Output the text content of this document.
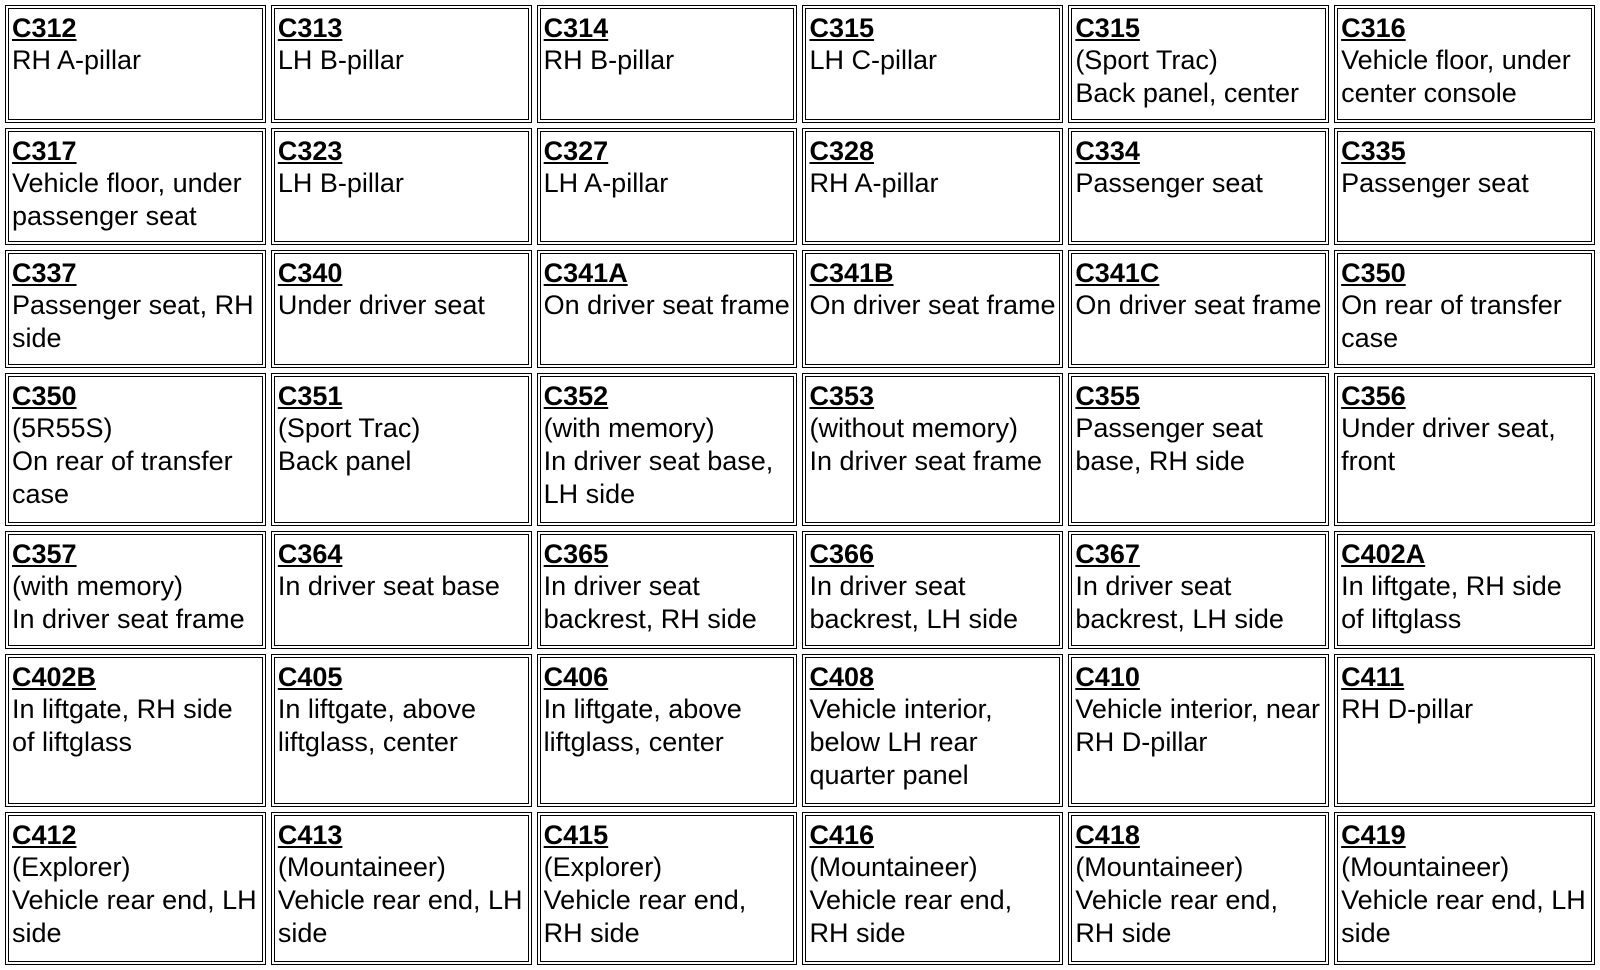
C312
RH A-pillar	C313
LH B-pillar	C314
RH B-pillar	C315
LH C-pillar	C315
(Sport Trac)
Back panel, center	C316
Vehicle floor, under center console

C317
Vehicle floor, under passenger seat	C323
LH B-pillar	C327
LH A-pillar	C328
RH A-pillar	C334
Passenger seat	C335
Passenger seat

C337
Passenger seat, RH side	C340
Under driver seat	C341A
On driver seat frame	C341B
On driver seat frame	C341C
On driver seat frame	C350
On rear of transfer case

C350
(5R55S)
On rear of transfer case	C351
(Sport Trac)
Back panel	C352
(with memory)
In driver seat base, LH side	C353
(without memory)
In driver seat frame	C355
Passenger seat base, RH side	C356
Under driver seat, front

C357
(with memory)
In driver seat frame	C364
In driver seat base	C365
In driver seat backrest, RH side	C366
In driver seat backrest, LH side	C367
In driver seat backrest, LH side	C402A
In liftgate, RH side of liftglass

C402B
In liftgate, RH side of liftglass	C405
In liftgate, above liftglass, center	C406
In liftgate, above liftglass, center	C408
Vehicle interior, below LH rear quarter panel	C410
Vehicle interior, near RH D-pillar	C411
RH D-pillar

C412
(Explorer)
Vehicle rear end, LH side	C413
(Mountaineer)
Vehicle rear end, LH side	C415
(Explorer)
Vehicle rear end, RH side	C416
(Mountaineer)
Vehicle rear end, RH side	C418
(Mountaineer)
Vehicle rear end, RH side	C419
(Mountaineer)
Vehicle rear end, LH side
